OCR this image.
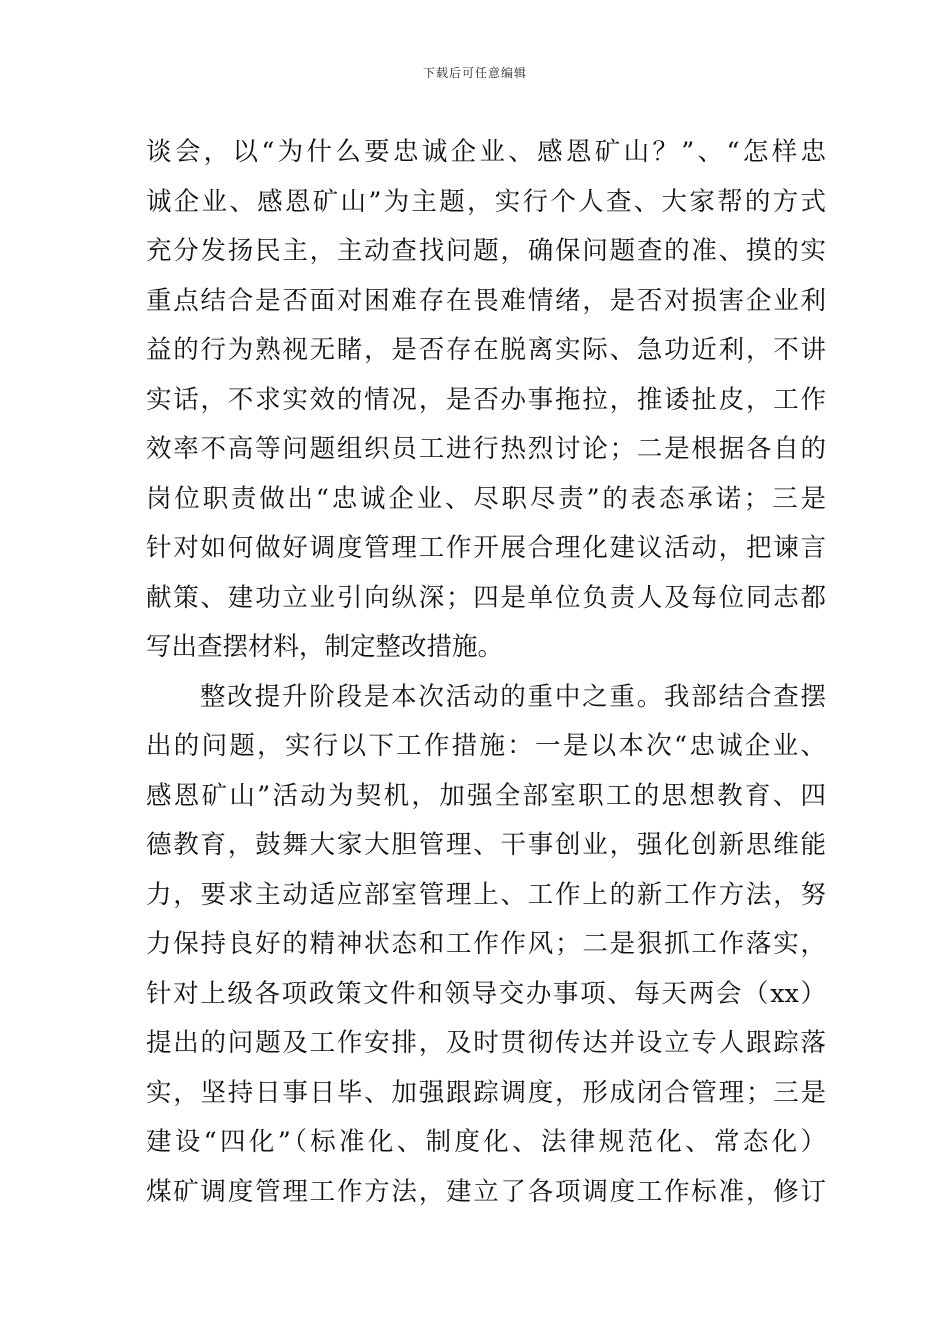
下载后可任意编辑
谈会，以“为什么要忠诚企业、感恩矿山？”、“怎样忠
诚企业、感恩矿山”为主题，实行个人查、大家帮的方式
充分发扬民主，主动查找问题，确保问题查的准、摸的实
重点结合是否面对困难存在畏难情绪，是否对损害企业利
益的行为熟视无睹，是否存在脱离实际、急功近利，不讲
实话，不求实效的情况，是否办事拖拉，推诿扯皮，工作
效率不高等问题组织员工进行热烈讨论；二是根据各自的
岗位职责做出“忠诚企业、尽职尽责”的表态承诺；三是
针对如何做好调度管理工作开展合理化建议活动，把谏言
献策、建功立业引向纵深；四是单位负责人及每位同志都
写出查摆材料，制定整改措施。
整改提升阶段是本次活动的重中之重。我部结合查摆
出的问题，实行以下工作措施：一是以本次“忠诚企业、
感恩矿山”活动为契机，加强全部室职工的思想教育、四
德教育，鼓舞大家大胆管理、干事创业，强化创新思维能
力，要求主动适应部室管理上、工作上的新工作方法，努
力保持良好的精神状态和工作作风；二是狠抓工作落实，
针对上级各项政策文件和领导交办事项、每天两会（xx）
提出的问题及工作安排，及时贯彻传达并设立专人跟踪落
实，坚持日事日毕、加强跟踪调度，形成闭合管理；三是
建设“四化”（标准化、制度化、法律规范化、常态化）
煤矿调度管理工作方法，建立了各项调度工作标准，修订
